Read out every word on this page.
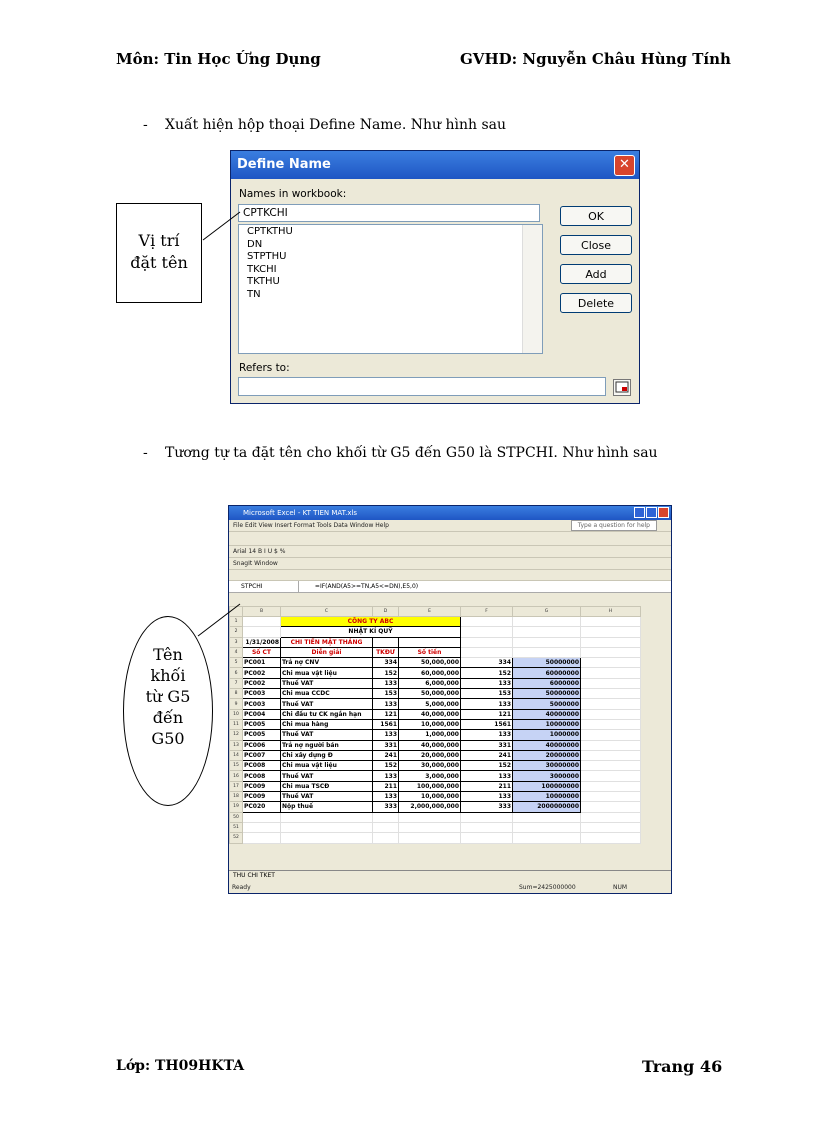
Môn: Tin Học Ứng Dụng	GVHD: Nguyễn Châu Hùng Tính
- Xuất hiện hộp thoại Define Name. Như hình sau
Define Name	✕
Names in workbook:
CPTKCHI
CPTKTHU
DN
STPTHU
TKCHI
TKTHU
TN
OK
Close
Add
Delete
Refers to:
Vị trí
đặt tên
- Tương tự ta đặt tên cho khối từ G5 đến G50 là STPCHI. Như hình sau
Microsoft Excel - KT TIEN MAT.xls
File Edit View Insert Format Tools Data Window Help	Type a question for help
Arial 14 B I U $ %
SnagIt Window
STPCHI	=IF(AND(A5>=TN,A5<=DN),E5,0)
	B	C	D	E	F	G	H
1		CÔNG TY ABC					
2		NHẬT KÍ QUỸ					
3	1/31/2008	CHI TIỀN MẶT THÁNG					
4	Số CT	Diễn giải	TKĐƯ	Số tiền			
5	PC001	Trả nợ CNV	334	50,000,000	334	50000000	
6	PC002	Chi mua vật liệu	152	60,000,000	152	60000000	
7	PC002	Thuế VAT	133	6,000,000	133	6000000	
8	PC003	Chi mua CCDC	153	50,000,000	153	50000000	
9	PC003	Thuế VAT	133	5,000,000	133	5000000	
10	PC004	Chi đầu tư CK ngắn hạn	121	40,000,000	121	40000000	
11	PC005	Chi mua hàng	1561	10,000,000	1561	10000000	
12	PC005	Thuế VAT	133	1,000,000	133	1000000	
13	PC006	Trả nợ người bán	331	40,000,000	331	40000000	
14	PC007	Chi xây dựng Đ	241	20,000,000	241	20000000	
15	PC008	Chi mua vật liệu	152	30,000,000	152	30000000	
16	PC008	Thuế VAT	133	3,000,000	133	3000000	
17	PC009	Chi mua TSCĐ	211	100,000,000	211	100000000	
18	PC009	Thuế VAT	133	10,000,000	133	10000000	
19	PC020	Nộp thuế	333	2,000,000,000	333	2000000000	
50							
51							
52							
THU CHI TKET
Ready	Sum=2425000000	NUM
Tên
khối
từ G5
đến
G50
Lớp: TH09HKTA	Trang 46
